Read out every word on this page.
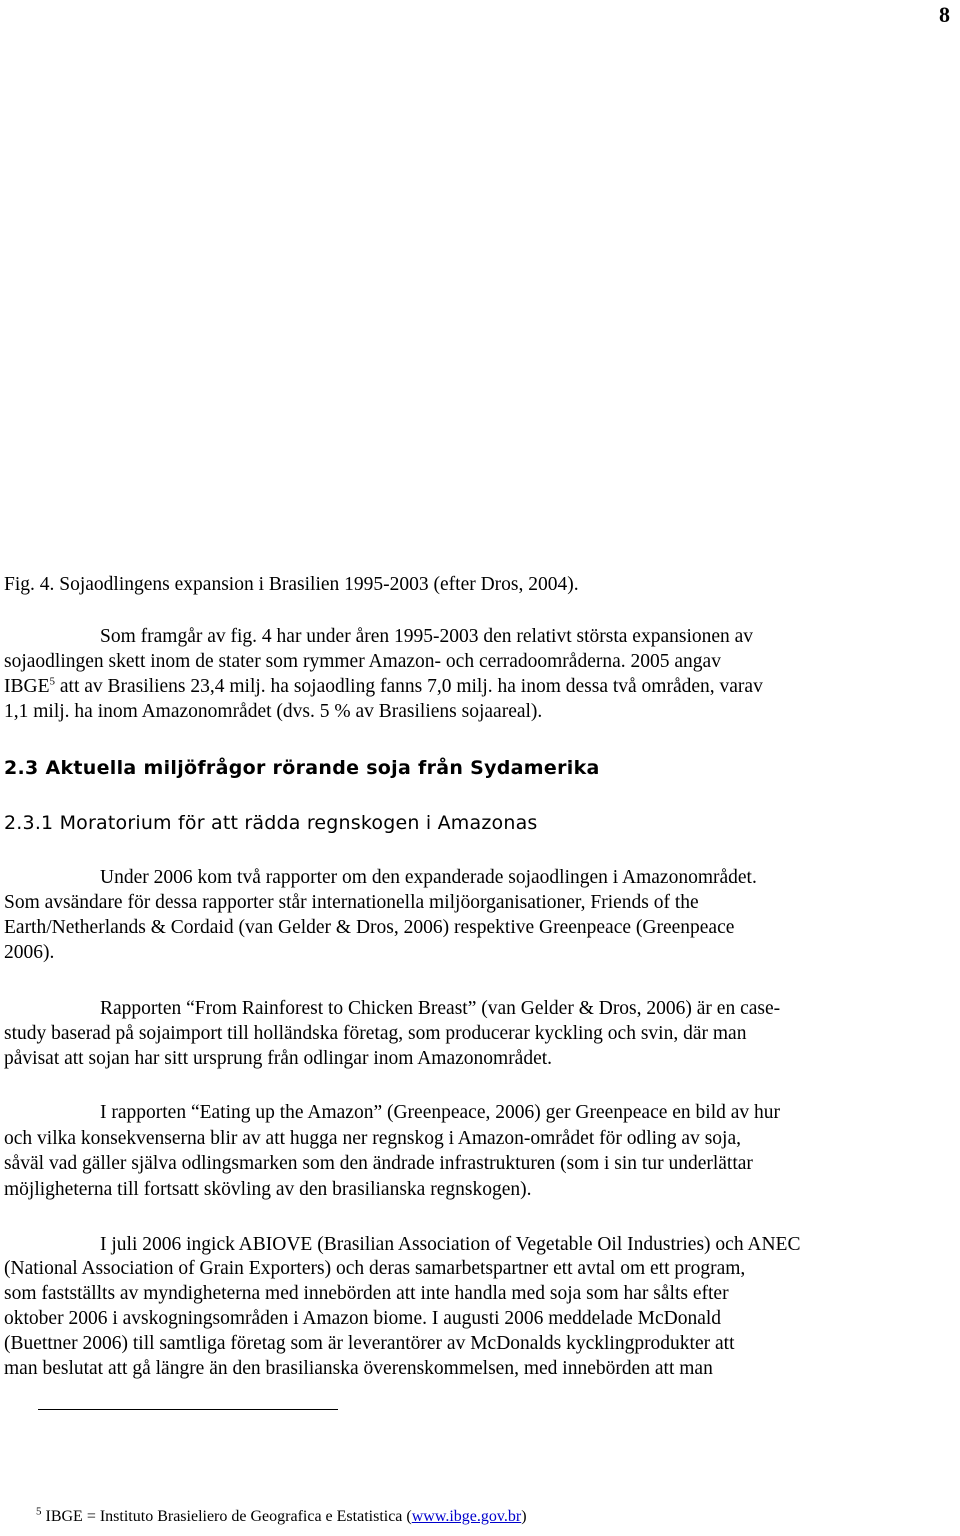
8
Fig. 4. Sojaodlingens expansion i Brasilien 1995-2003 (efter Dros, 2004).
Som framgår av fig. 4 har under åren 1995-2003 den relativt största expansionen av
sojaodlingen skett inom de stater som rymmer Amazon- och cerradoområderna. 2005 angav
IBGE$^5$ att av Brasiliens 23,4 milj. ha sojaodling fanns 7,0 milj. ha inom dessa två områden, varav
1,1 milj. ha inom Amazonområdet (dvs. 5 % av Brasiliens sojaareal).
2.3 Aktuella miljöfrågor rörande soja från Sydamerika
2.3.1 Moratorium för att rädda regnskogen i Amazonas
Under 2006 kom två rapporter om den expanderade sojaodlingen i Amazonområdet.
Som avsändare för dessa rapporter står internationella miljöorganisationer, Friends of the
Earth/Netherlands & Cordaid (van Gelder & Dros, 2006) respektive Greenpeace (Greenpeace
2006).
Rapporten “From Rainforest to Chicken Breast” (van Gelder & Dros, 2006) är en case-
study baserad på sojaimport till holländska företag, som producerar kyckling och svin, där man
påvisat att sojan har sitt ursprung från odlingar inom Amazonområdet.
I rapporten “Eating up the Amazon” (Greenpeace, 2006) ger Greenpeace en bild av hur
och vilka konsekvenserna blir av att hugga ner regnskog i Amazon-området för odling av soja,
såväl vad gäller själva odlingsmarken som den ändrade infrastrukturen (som i sin tur underlättar
möjligheterna till fortsatt skövling av den brasilianska regnskogen).
I juli 2006 ingick ABIOVE (Brasilian Association of Vegetable Oil Industries) och ANEC
(National Association of Grain Exporters) och deras samarbetspartner ett avtal om ett program,
som fastställts av myndigheterna med innebörden att inte handla med soja som har sålts efter
oktober 2006 i avskogningsområden i Amazon biome. I augusti 2006 meddelade McDonald
(Buettner 2006) till samtliga företag som är leverantörer av McDonalds kycklingprodukter att
man beslutat att gå längre än den brasilianska överenskommelsen, med innebörden att man
$^5$ IBGE = Instituto Brasieliero de Geografica e Estatistica (www.ibge.gov.br)
